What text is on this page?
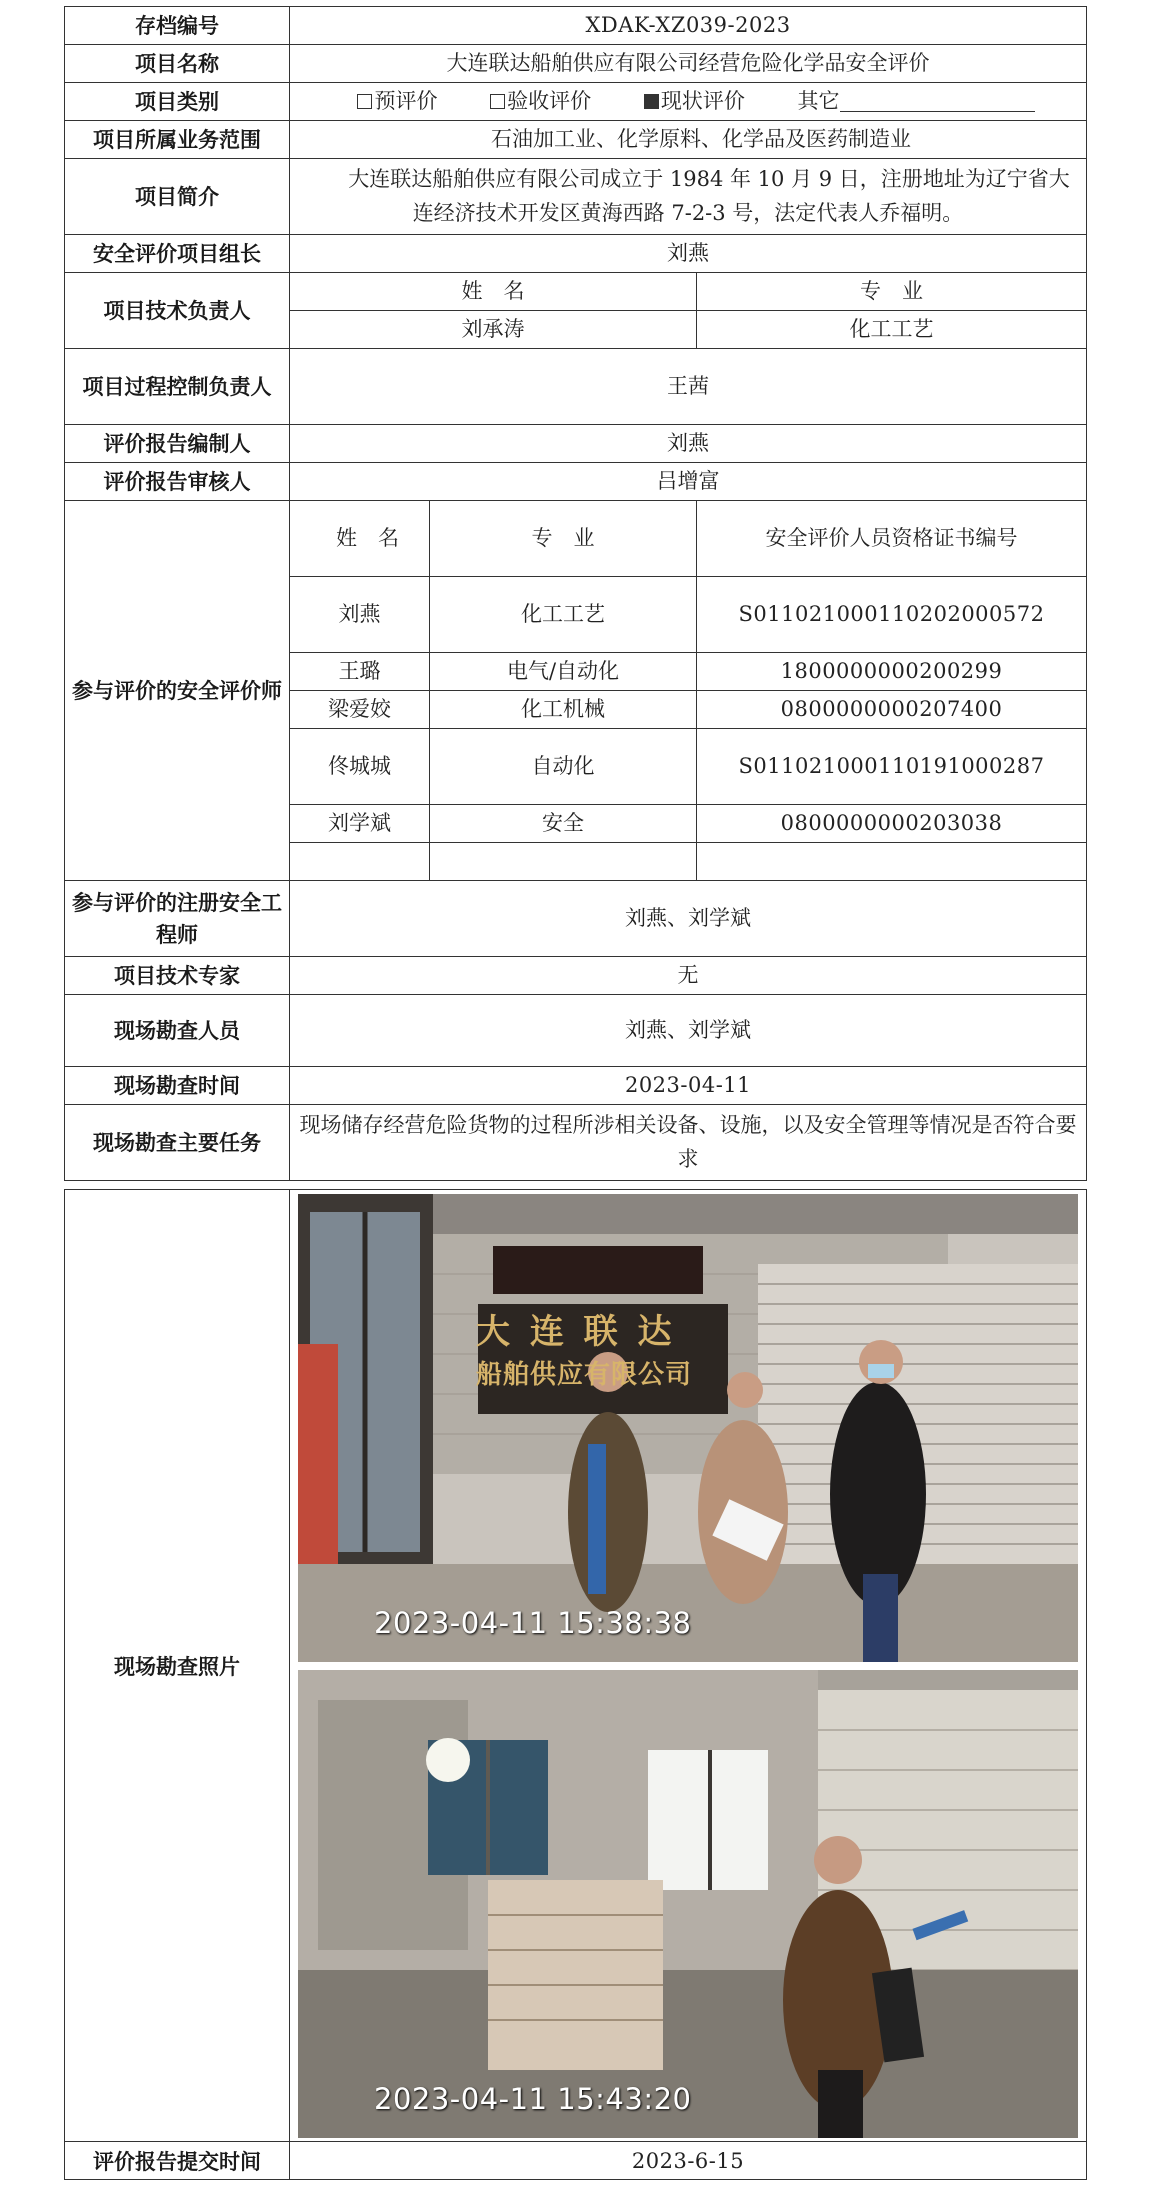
存档编号	XDAK-XZ039-2023		
项目名称	大连联达船舶供应有限公司经营危险化学品安全评价		
项目类别	预评价 验收评价 现状评价 其它		
项目所属业务范围	石油加工业、化学原料、化学品及医药制造业		
项目简介	大连联达船舶供应有限公司成立于 1984 年 10 月 9 日，注册地址为辽宁省大连经济技术开发区黄海西路 7-2-3 号，法定代表人乔福明。		
安全评价项目组长	刘燕		
项目技术负责人	姓　名		专　业
	刘承涛		化工工艺
项目过程控制负责人	王茜		
评价报告编制人	刘燕		
评价报告审核人	吕增富		
参与评价的安全评价师	姓　名	专　业	安全评价人员资格证书编号
	刘燕	化工工艺	S011021000110202000572
	王璐	电气/自动化	1800000000200299
	梁爱姣	化工机械	0800000000207400
	佟城城	自动化	S011021000110191000287
	刘学斌	安全	0800000000203038

参与评价的注册安全工程师	刘燕、刘学斌		
项目技术专家	无		
现场勘查人员	刘燕、刘学斌		
现场勘查时间	2023-04-11		
现场勘查主要任务	现场储存经营危险货物的过程所涉相关设备、设施，以及安全管理等情况是否符合要求		
现场勘查照片	大 连 联 达
船舶供应有限公司
2023-04-11 15:38:38
2023-04-11 15:43:20

评价报告提交时间	2023-6-15
